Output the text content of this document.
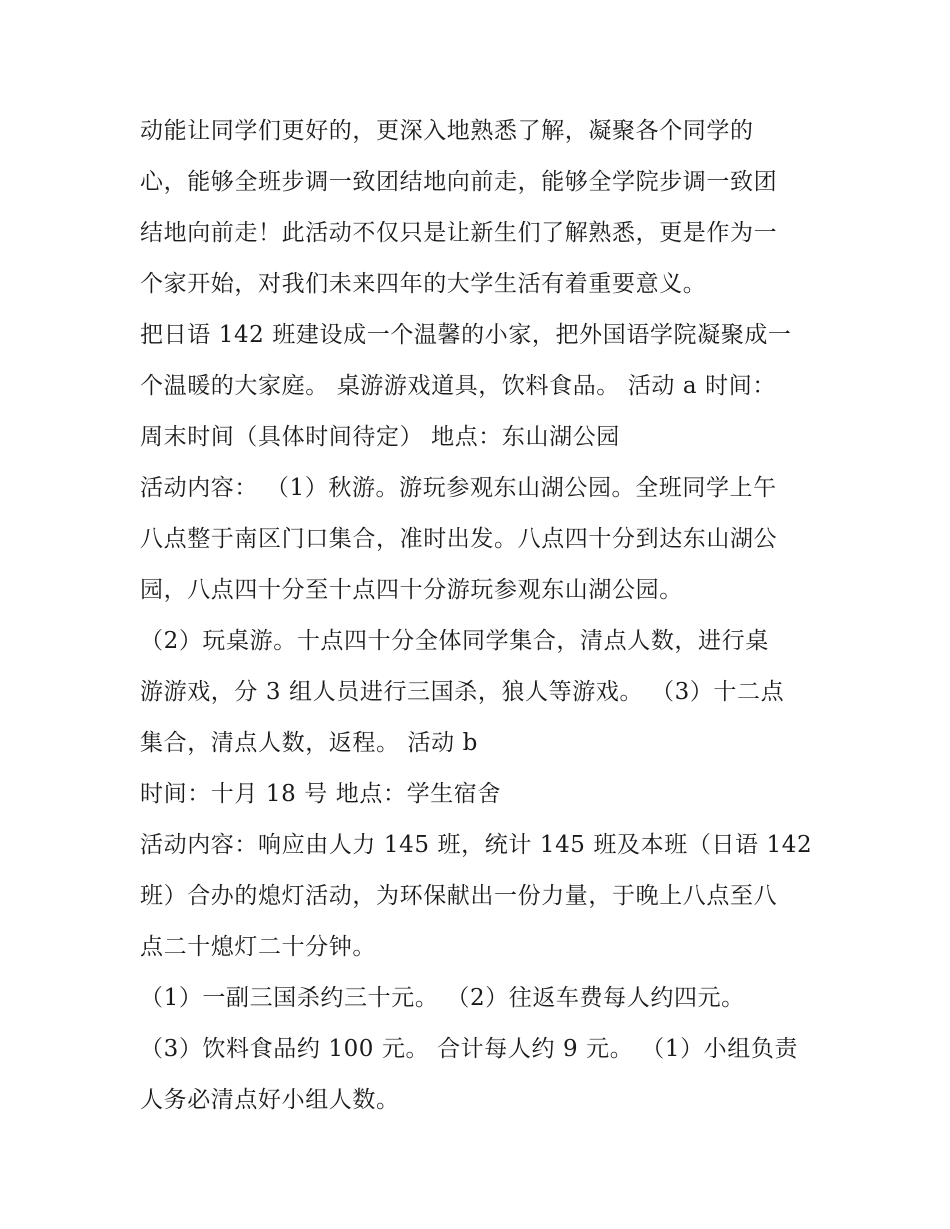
动能让同学们更好的，更深入地熟悉了解，凝聚各个同学的
心，能够全班步调一致团结地向前走，能够全学院步调一致团
结地向前走！此活动不仅只是让新生们了解熟悉，更是作为一
个家开始，对我们未来四年的大学生活有着重要意义。
把日语 142 班建设成一个温馨的小家，把外国语学院凝聚成一
个温暖的大家庭。 桌游游戏道具，饮料食品。 活动 a 时间：
周末时间（具体时间待定） 地点：东山湖公园
活动内容： （1）秋游。游玩参观东山湖公园。全班同学上午
八点整于南区门口集合，准时出发。八点四十分到达东山湖公
园，八点四十分至十点四十分游玩参观东山湖公园。
（2）玩桌游。十点四十分全体同学集合，清点人数，进行桌
游游戏，分 3 组人员进行三国杀，狼人等游戏。 （3）十二点
集合，清点人数，返程。 活动 b
时间：十月 18 号 地点：学生宿舍
活动内容：响应由人力 145 班，统计 145 班及本班（日语 142
班）合办的熄灯活动，为环保献出一份力量，于晚上八点至八
点二十熄灯二十分钟。
（1）一副三国杀约三十元。 （2）往返车费每人约四元。
（3）饮料食品约 100 元。 合计每人约 9 元。 （1）小组负责
人务必清点好小组人数。
